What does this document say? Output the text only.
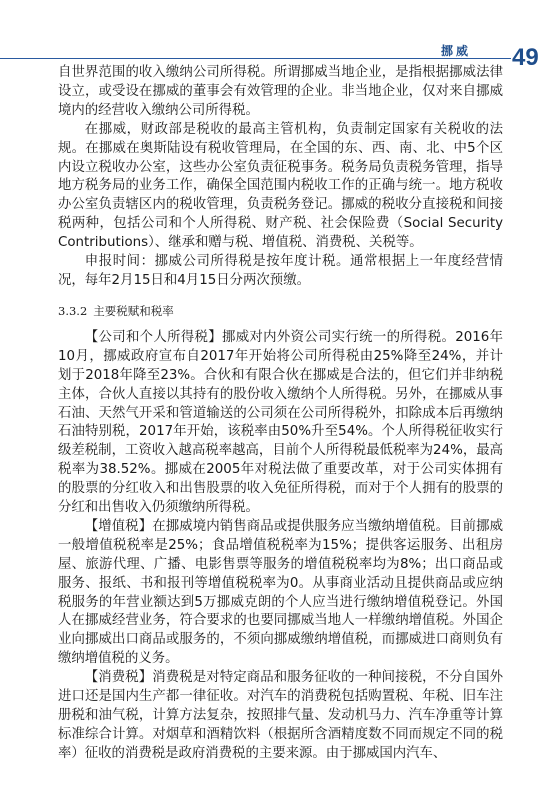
挪威 49

自世界范围的收入缴纳公司所得税。所谓挪威当地企业，是指根据挪威法律设立，或受设在挪威的董事会有效管理的企业。非当地企业，仅对来自挪威境内的经营收入缴纳公司所得税。

在挪威，财政部是税收的最高主管机构，负责制定国家有关税收的法规。在挪威在奥斯陆设有税收管理局，在全国的东、西、南、北、中5个区内设立税收办公室，这些办公室负责征税事务。税务局负责税务管理，指导地方税务局的业务工作，确保全国范围内税收工作的正确与统一。地方税收办公室负责辖区内的税收管理，负责税务登记。挪威的税收分直接税和间接税两种，包括公司和个人所得税、财产税、社会保险费（Social Security Contributions）、继承和赠与税、增值税、消费税、关税等。

申报时间：挪威公司所得税是按年度计税。通常根据上一年度经营情况，每年2月15日和4月15日分两次预缴。

3.3.2 主要税赋和税率

【公司和个人所得税】挪威对内外资公司实行统一的所得税。2016年10月，挪威政府宣布自2017年开始将公司所得税由25%降至24%，并计划于2018年降至23%。合伙和有限合伙在挪威是合法的，但它们并非纳税主体，合伙人直接以其持有的股份收入缴纳个人所得税。另外，在挪威从事石油、天然气开采和管道输送的公司须在公司所得税外，扣除成本后再缴纳石油特别税，2017年开始，该税率由50%升至54%。个人所得税征收实行级差税制，工资收入越高税率越高，目前个人所得税最低税率为24%，最高税率为38.52%。挪威在2005年对税法做了重要改革，对于公司实体拥有的股票的分红收入和出售股票的收入免征所得税，而对于个人拥有的股票的分红和出售收入仍须缴纳所得税。

【增值税】在挪威境内销售商品或提供服务应当缴纳增值税。目前挪威一般增值税税率是25%；食品增值税税率为15%；提供客运服务、出租房屋、旅游代理、广播、电影售票等服务的增值税税率均为8%；出口商品或服务、报纸、书和报刊等增值税税率为0。从事商业活动且提供商品或应纳税服务的年营业额达到5万挪威克朗的个人应当进行缴纳增值税登记。外国人在挪威经营业务，符合要求的也要同挪威当地人一样缴纳增值税。外国企业向挪威出口商品或服务的，不须向挪威缴纳增值税，而挪威进口商则负有缴纳增值税的义务。

【消费税】消费税是对特定商品和服务征收的一种间接税，不分自国外进口还是国内生产都一律征收。对汽车的消费税包括购置税、年税、旧车注册税和油气税，计算方法复杂，按照排气量、发动机马力、汽车净重等计算标准综合计算。对烟草和酒精饮料（根据所含酒精度数不同而规定不同的税率）征收的消费税是政府消费税的主要来源。由于挪威国内汽车、
